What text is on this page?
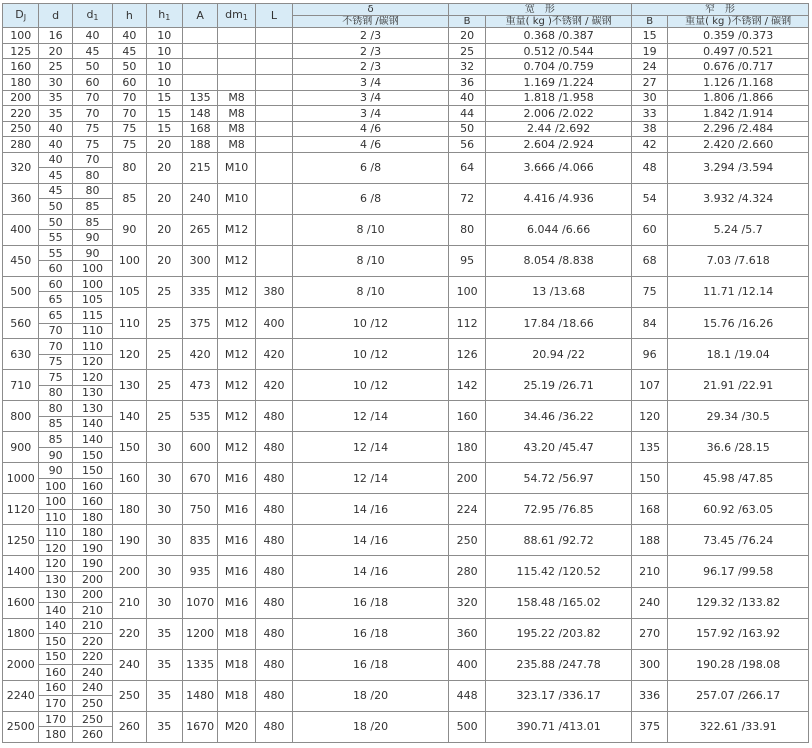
$D_J$	d	$d_1$	h	$h_1$	A	$dm_1$	L	δ	宽　形		窄　形	
								不锈钢 /碳钢	B	重量( kg )不锈钢 / 碳钢	B	重量( kg )不锈钢 / 碳钢
100	16	40	40	10				2 /3	20	0.368 /0.387	15	0.359 /0.373
125	20	45	45	10				2 /3	25	0.512 /0.544	19	0.497 /0.521
160	25	50	50	10				2 /3	32	0.704 /0.759	24	0.676 /0.717
180	30	60	60	10				3 /4	36	1.169 /1.224	27	1.126 /1.168
200	35	70	70	15	135	M8		3 /4	40	1.818 /1.958	30	1.806 /1.866
220	35	70	70	15	148	M8		3 /4	44	2.006 /2.022	33	1.842 /1.914
250	40	75	75	15	168	M8		4 /6	50	2.44 /2.692	38	2.296 /2.484
280	40	75	75	20	188	M8		4 /6	56	2.604 /2.924	42	2.420 /2.660
320	40	70	80	20	215	M10		6 /8	64	3.666 /4.066	48	3.294 /3.594
	45	80										
360	45	80	85	20	240	M10		6 /8	72	4.416 /4.936	54	3.932 /4.324
	50	85										
400	50	85	90	20	265	M12		8 /10	80	6.044 /6.66	60	5.24 /5.7
	55	90										
450	55	90	100	20	300	M12		8 /10	95	8.054 /8.838	68	7.03 /7.618
	60	100										
500	60	100	105	25	335	M12	380	8 /10	100	13 /13.68	75	11.71 /12.14
	65	105										
560	65	115	110	25	375	M12	400	10 /12	112	17.84 /18.66	84	15.76 /16.26
	70	110										
630	70	110	120	25	420	M12	420	10 /12	126	20.94 /22	96	18.1 /19.04
	75	120										
710	75	120	130	25	473	M12	420	10 /12	142	25.19 /26.71	107	21.91 /22.91
	80	130										
800	80	130	140	25	535	M12	480	12 /14	160	34.46 /36.22	120	29.34 /30.5
	85	140										
900	85	140	150	30	600	M12	480	12 /14	180	43.20 /45.47	135	36.6 /28.15
	90	150										
1000	90	150	160	30	670	M16	480	12 /14	200	54.72 /56.97	150	45.98 /47.85
	100	160										
1120	100	160	180	30	750	M16	480	14 /16	224	72.95 /76.85	168	60.92 /63.05
	110	180										
1250	110	180	190	30	835	M16	480	14 /16	250	88.61 /92.72	188	73.45 /76.24
	120	190										
1400	120	190	200	30	935	M16	480	14 /16	280	115.42 /120.52	210	96.17 /99.58
	130	200										
1600	130	200	210	30	1070	M16	480	16 /18	320	158.48 /165.02	240	129.32 /133.82
	140	210										
1800	140	210	220	35	1200	M18	480	16 /18	360	195.22 /203.82	270	157.92 /163.92
	150	220										
2000	150	220	240	35	1335	M18	480	16 /18	400	235.88 /247.78	300	190.28 /198.08
	160	240										
2240	160	240	250	35	1480	M18	480	18 /20	448	323.17 /336.17	336	257.07 /266.17
	170	250										
2500	170	250	260	35	1670	M20	480	18 /20	500	390.71 /413.01	375	322.61 /33.91
	180	260										
